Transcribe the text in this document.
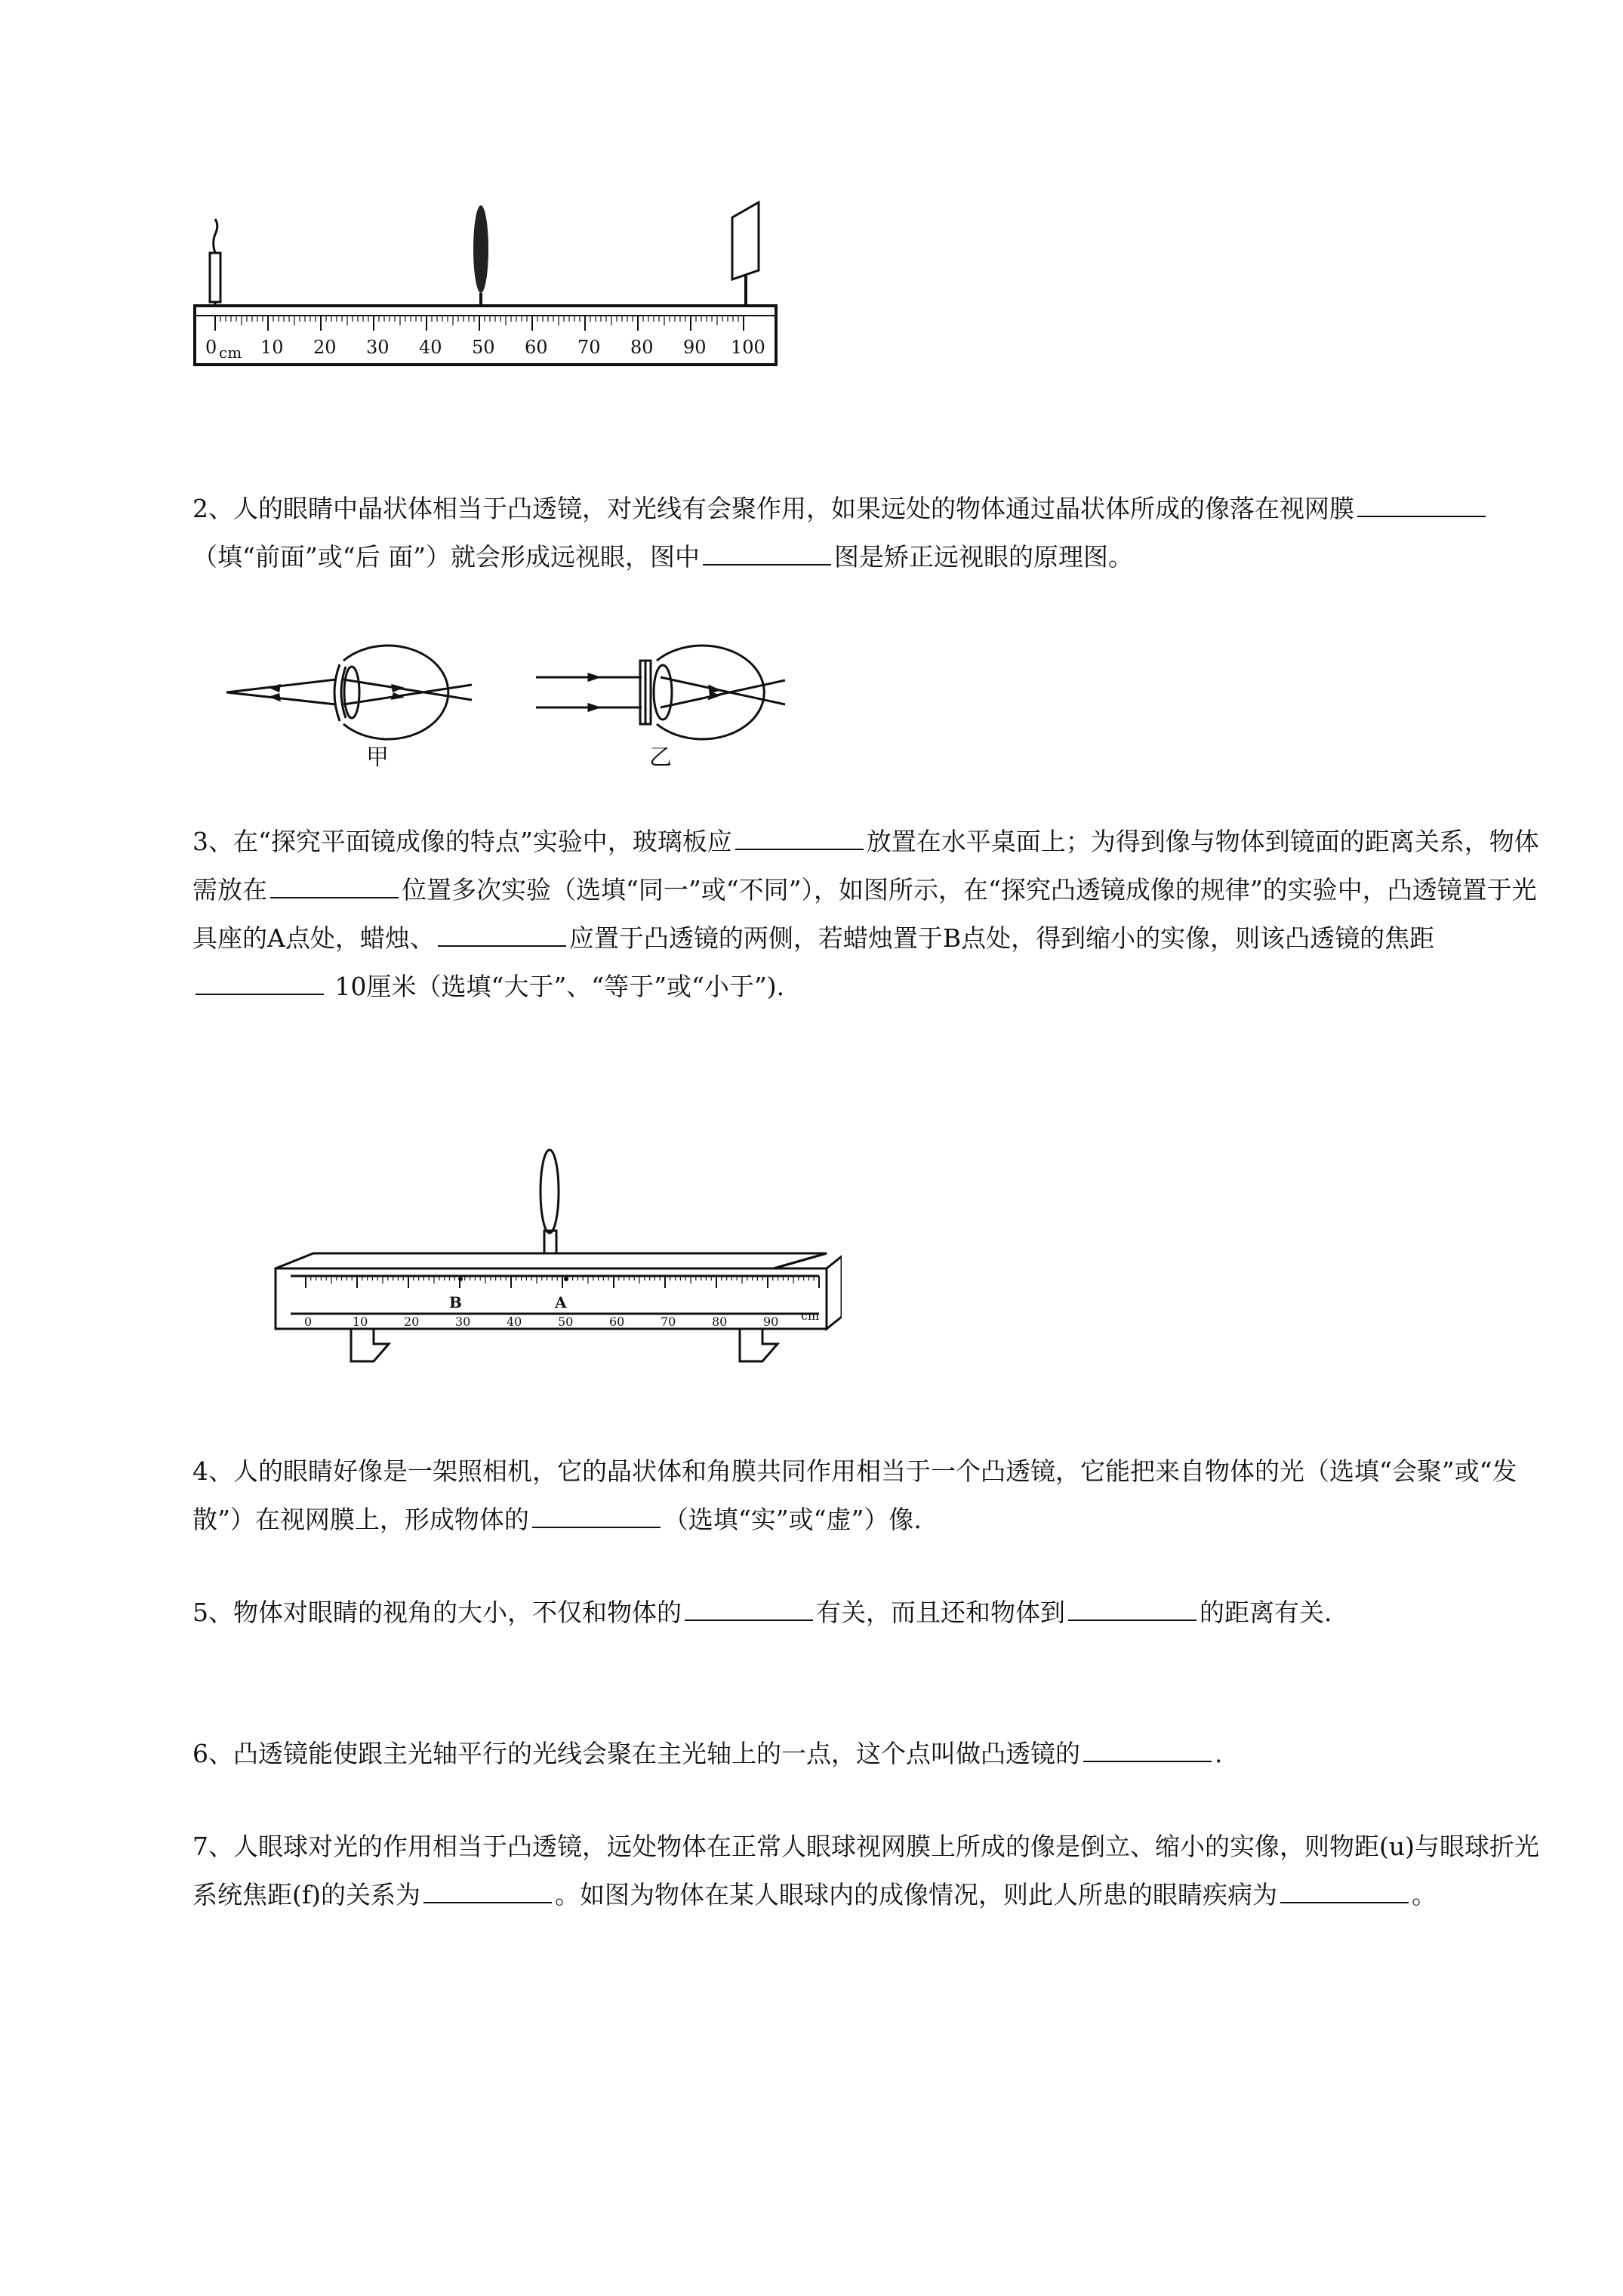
0 cm 10 20 30 40 50 60 70 80 90 100

2、人的眼睛中晶状体相当于凸透镜，对光线有会聚作用，如果远处的物体通过晶状体所成的像落在视网膜（填“前面”或“后 面”）就会形成远视眼，图中	图是矫正远视眼的原理图。

甲	乙

3、在“探究平面镜成像的特点”实验中，玻璃板应	放置在水平桌面上；为得到像与物体到镜面的距离关系，物体需放在	位置多次实验（选填“同一”或“不同”），如图所示，在“探究凸透镜成像的规律”的实验中，凸透镜置于光具座的A点处，蜡烛、	应置于凸透镜的两侧，若蜡烛置于B点处，得到缩小的实像，则该凸透镜的焦距 10厘米（选填“大于”、“等于”或“小于”).

B	A
0	10	20	30	40	50	60	70	80	90 cm

4、人的眼睛好像是一架照相机，它的晶状体和角膜共同作用相当于一个凸透镜，它能把来自物体的光（选填“会聚”或“发散”）在视网膜上，形成物体的	（选填“实”或“虚”）像.

5、物体对眼睛的视角的大小，不仅和物体的	有关，而且还和物体到	的距离有关.

6、凸透镜能使跟主光轴平行的光线会聚在主光轴上的一点，这个点叫做凸透镜的	.

7、人眼球对光的作用相当于凸透镜，远处物体在正常人眼球视网膜上所成的像是倒立、缩小的实像，则物距(u)与眼球折光系统焦距(f)的关系为	。如图为物体在某人眼球内的成像情况，则此人所患的眼睛疾病为	。
